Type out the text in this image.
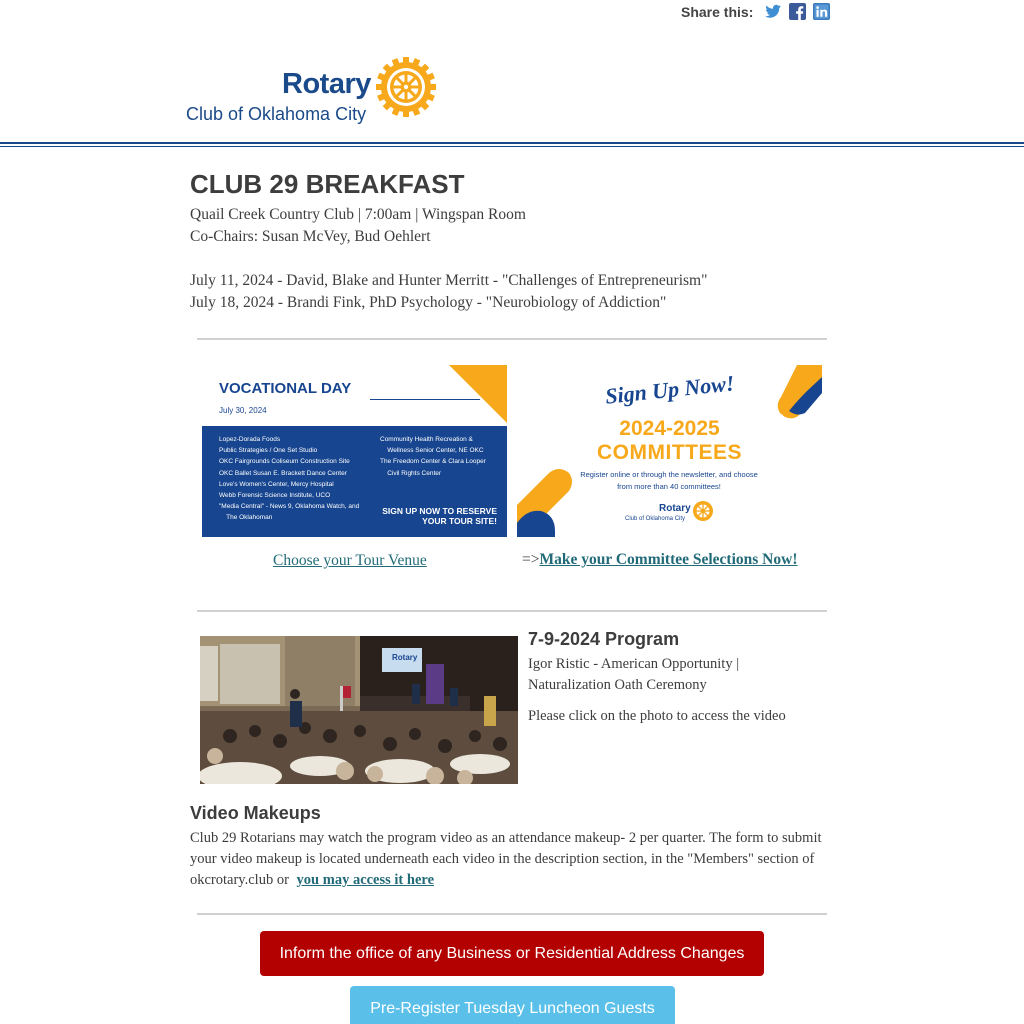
Share this:
Rotary
Club of Oklahoma City
CLUB 29 BREAKFAST
Quail Creek Country Club | 7:00am | Wingspan Room
Co-Chairs: Susan McVey, Bud Oehlert
July 11, 2024 - David, Blake and Hunter Merritt - "Challenges of Entrepreneurism"
July 18, 2024 - Brandi Fink, PhD Psychology - "Neurobiology of Addiction"
VOCATIONAL DAY
July 30, 2024
Lopez-Dorada Foods
Public Strategies / One Set Studio
OKC Fairgrounds Coliseum Construction Site
OKC Ballet Susan E. Brackett Dance Center
Love's Women's Center, Mercy Hospital
Webb Forensic Science Institute, UCO
"Media Central" - News 9, Oklahoma Watch, and
The Oklahoman
Community Health Recreation &
Wellness Senior Center, NE OKC
The Freedom Center & Clara Looper
Civil Rights Center
SIGN UP NOW TO RESERVE
YOUR TOUR SITE!
Sign Up Now!
2024-2025
COMMITTEES
Register online or through the newsletter, and choose from more than 40 committees!
Rotary
Club of Oklahoma City
Choose your Tour Venue	=>Make your Committee Selections Now!
Rotary
7-9-2024 Program
Igor Ristic - American Opportunity |
Naturalization Oath Ceremony
Please click on the photo to access the video
Video Makeups
Club 29 Rotarians may watch the program video as an attendance makeup- 2 per quarter. The form to submit your video makeup is located underneath each video in the description section, in the "Members" section of okcrotary.club or you may access it here
Inform the office of any Business or Residential Address Changes
Pre-Register Tuesday Luncheon Guests
